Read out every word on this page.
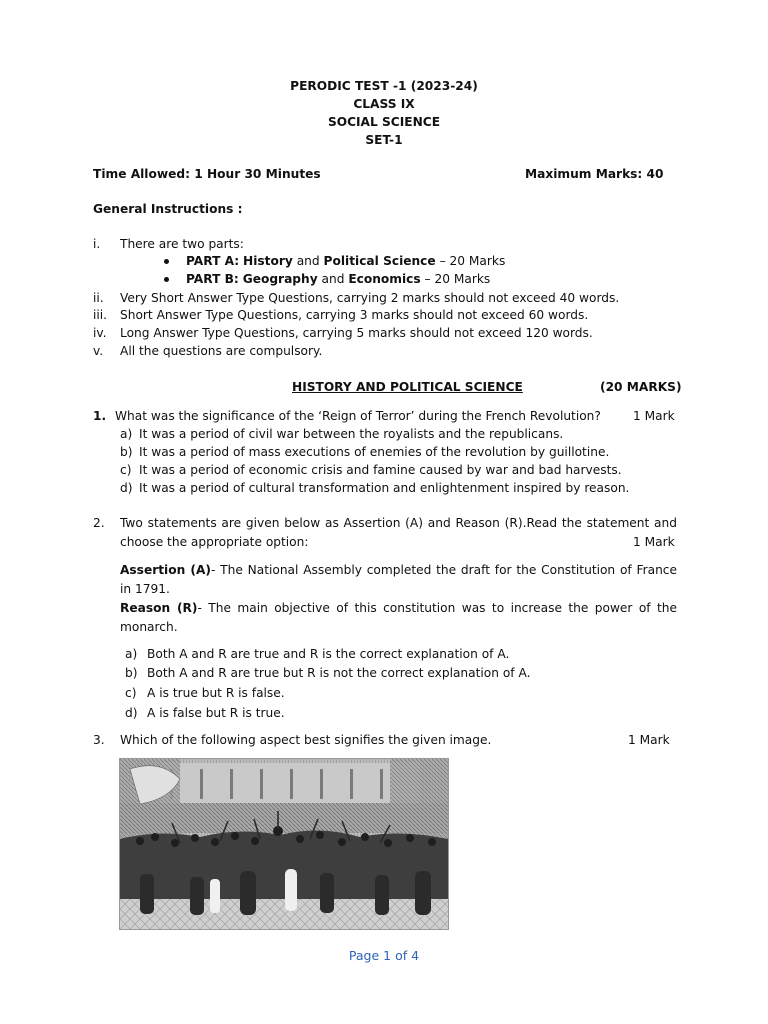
PERODIC TEST -1 (2023-24)
CLASS IX
SOCIAL SCIENCE
SET-1
Time Allowed: 1 Hour 30 Minutes	Maximum Marks: 40
General Instructions :
i. There are two parts:
PART A: History and Political Science – 20 Marks
PART B: Geography and Economics – 20 Marks
ii. Very Short Answer Type Questions, carrying 2 marks should not exceed 40 words.
iii. Short Answer Type Questions, carrying 3 marks should not exceed 60 words.
iv. Long Answer Type Questions, carrying 5 marks should not exceed 120 words.
v. All the questions are compulsory.
HISTORY AND POLITICAL SCIENCE	(20 MARKS)
1. What was the significance of the ‘Reign of Terror’ during the French Revolution?	1 Mark
a) It was a period of civil war between the royalists and the republicans.
b) It was a period of mass executions of enemies of the revolution by guillotine.
c) It was a period of economic crisis and famine caused by war and bad harvests.
d) It was a period of cultural transformation and enlightenment inspired by reason.
2. Two statements are given below as Assertion (A) and Reason (R).Read the statement and
choose the appropriate option:	1 Mark
Assertion (A)- The National Assembly completed the draft for the Constitution of France
in 1791.
Reason (R)- The main objective of this constitution was to increase the power of the
monarch.
a) Both A and R are true and R is the correct explanation of A.
b) Both A and R are true but R is not the correct explanation of A.
c) A is true but R is false.
d) A is false but R is true.
3. Which of the following aspect best signifies the given image.	1 Mark
Page 1 of 4
